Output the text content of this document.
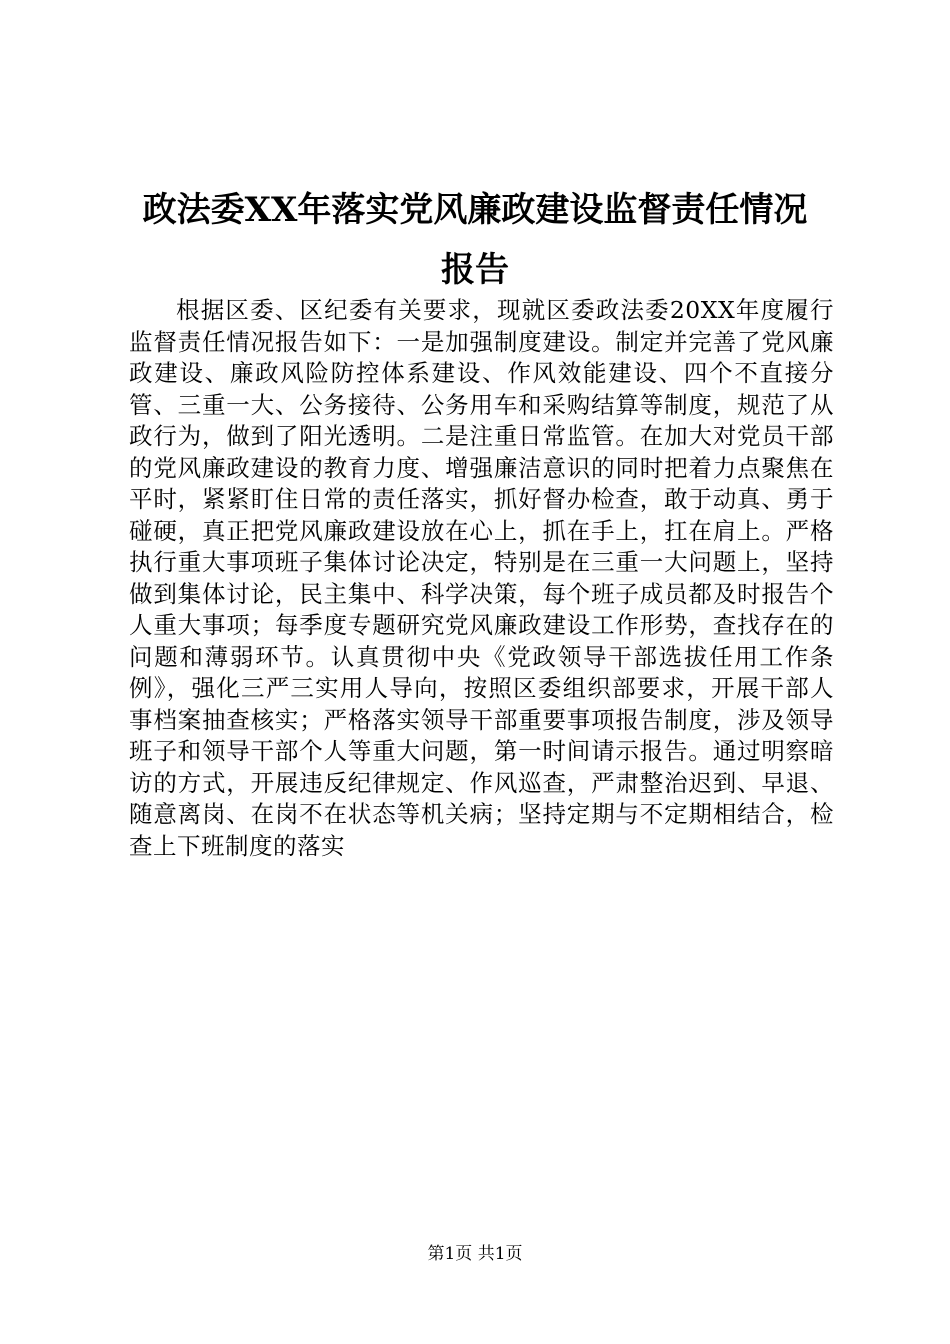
政法委XX年落实党风廉政建设监督责任情况
报告

根据区委、区纪委有关要求，现就区委政法委20XX年度履行监督责任情况报告如下：一是加强制度建设。制定并完善了党风廉政建设、廉政风险防控体系建设、作风效能建设、四个不直接分管、三重一大、公务接待、公务用车和采购结算等制度，规范了从政行为，做到了阳光透明。二是注重日常监管。在加大对党员干部的党风廉政建设的教育力度、增强廉洁意识的同时把着力点聚焦在平时，紧紧盯住日常的责任落实，抓好督办检查，敢于动真、勇于碰硬，真正把党风廉政建设放在心上，抓在手上，扛在肩上。严格执行重大事项班子集体讨论决定，特别是在三重一大问题上，坚持做到集体讨论，民主集中、科学决策，每个班子成员都及时报告个人重大事项；每季度专题研究党风廉政建设工作形势，查找存在的问题和薄弱环节。认真贯彻中央《党政领导干部选拔任用工作条例》，强化三严三实用人导向，按照区委组织部要求，开展干部人事档案抽查核实；严格落实领导干部重要事项报告制度，涉及领导班子和领导干部个人等重大问题，第一时间请示报告。通过明察暗访的方式，开展违反纪律规定、作风巡查，严肃整治迟到、早退、随意离岗、在岗不在状态等机关病；坚持定期与不定期相结合，检查上下班制度的落实

第1页 共1页
